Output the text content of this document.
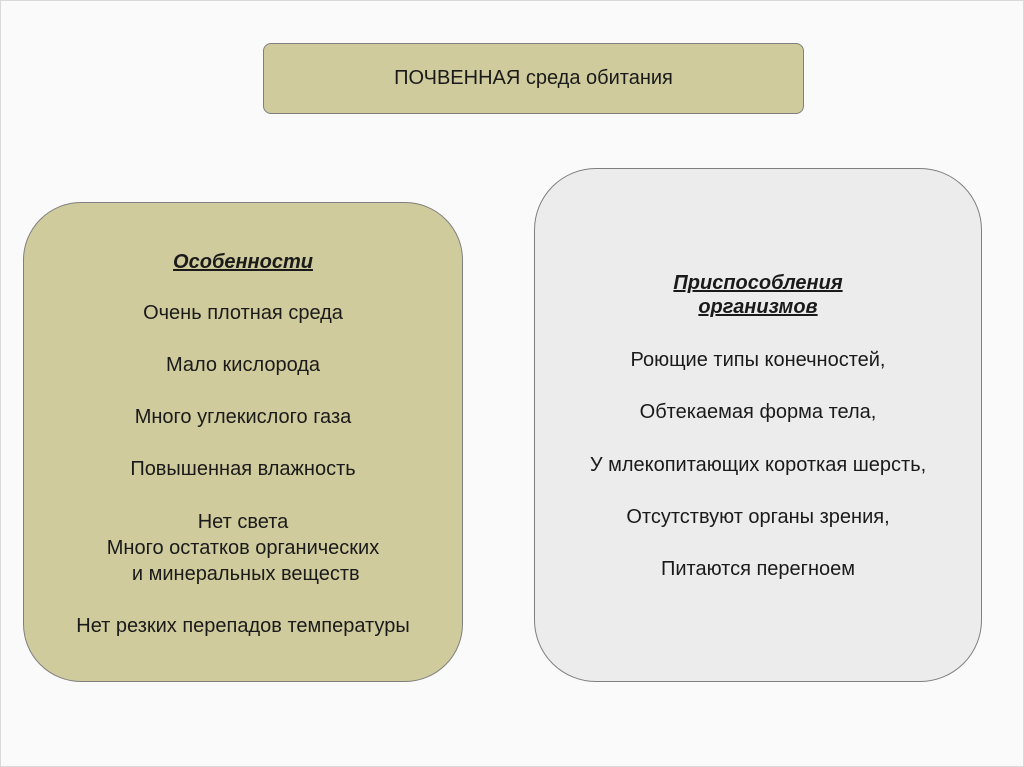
ПОЧВЕННАЯ среда обитания
Особенности
Очень плотная среда
Мало кислорода
Много углекислого газа
Повышенная влажность
Нет света
Много остатков органических
и минеральных веществ
Нет резких перепадов температуры
Приспособления
организмов
Роющие типы конечностей,
Обтекаемая форма тела,
У млекопитающих короткая шерсть,
Отсутствуют органы зрения,
Питаются перегноем
